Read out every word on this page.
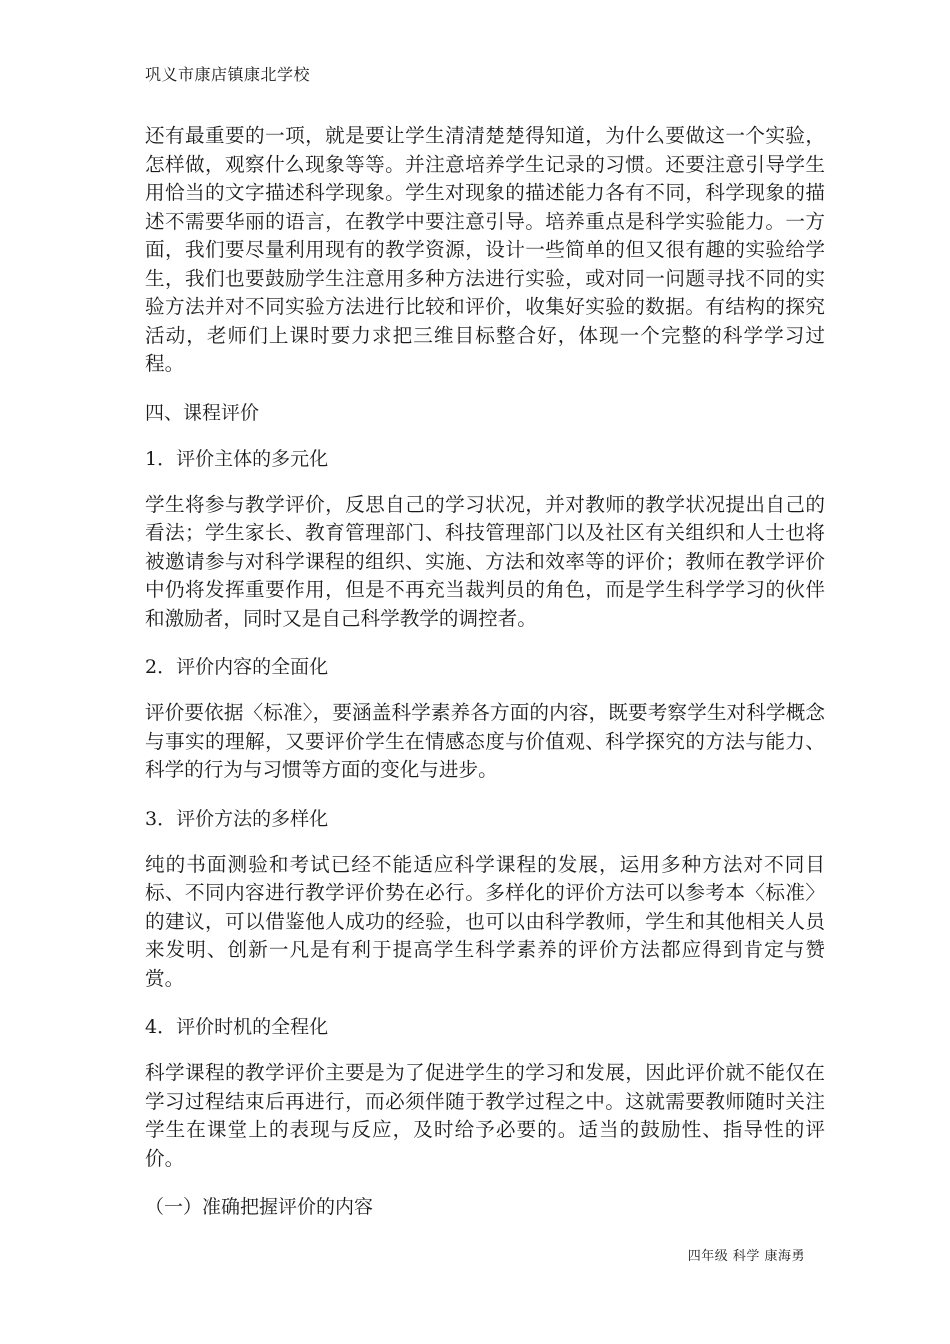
巩义市康店镇康北学校

还有最重要的一项，就是要让学生清清楚楚得知道，为什么要做这一个实验，怎样做，观察什么现象等等。并注意培养学生记录的习惯。还要注意引导学生用恰当的文字描述科学现象。学生对现象的描述能力各有不同，科学现象的描述不需要华丽的语言，在教学中要注意引导。培养重点是科学实验能力。一方面，我们要尽量利用现有的教学资源，设计一些简单的但又很有趣的实验给学生，我们也要鼓励学生注意用多种方法进行实验，或对同一问题寻找不同的实验方法并对不同实验方法进行比较和评价，收集好实验的数据。有结构的探究活动，老师们上课时要力求把三维目标整合好，体现一个完整的科学学习过程。

四、课程评价
1．评价主体的多元化

学生将参与教学评价，反思自己的学习状况，并对教师的教学状况提出自己的看法；学生家长、教育管理部门、科技管理部门以及社区有关组织和人士也将被邀请参与对科学课程的组织、实施、方法和效率等的评价；教师在教学评价中仍将发挥重要作用，但是不再充当裁判员的角色，而是学生科学学习的伙伴和激励者，同时又是自己科学教学的调控者。

2．评价内容的全面化

评价要依据〈标准〉，要涵盖科学素养各方面的内容，既要考察学生对科学概念与事实的理解，又要评价学生在情感态度与价值观、科学探究的方法与能力、科学的行为与习惯等方面的变化与进步。

3．评价方法的多样化

纯的书面测验和考试已经不能适应科学课程的发展，运用多种方法对不同目标、不同内容进行教学评价势在必行。多样化的评价方法可以参考本〈标准〉的建议，可以借鉴他人成功的经验，也可以由科学教师，学生和其他相关人员来发明、创新一凡是有利于提高学生科学素养的评价方法都应得到肯定与赞赏。

4．评价时机的全程化

科学课程的教学评价主要是为了促进学生的学习和发展，因此评价就不能仅在学习过程结束后再进行，而必须伴随于教学过程之中。这就需要教师随时关注学生在课堂上的表现与反应，及时给予必要的。适当的鼓励性、指导性的评价。

（一）准确把握评价的内容
四年级 科学 康海勇
